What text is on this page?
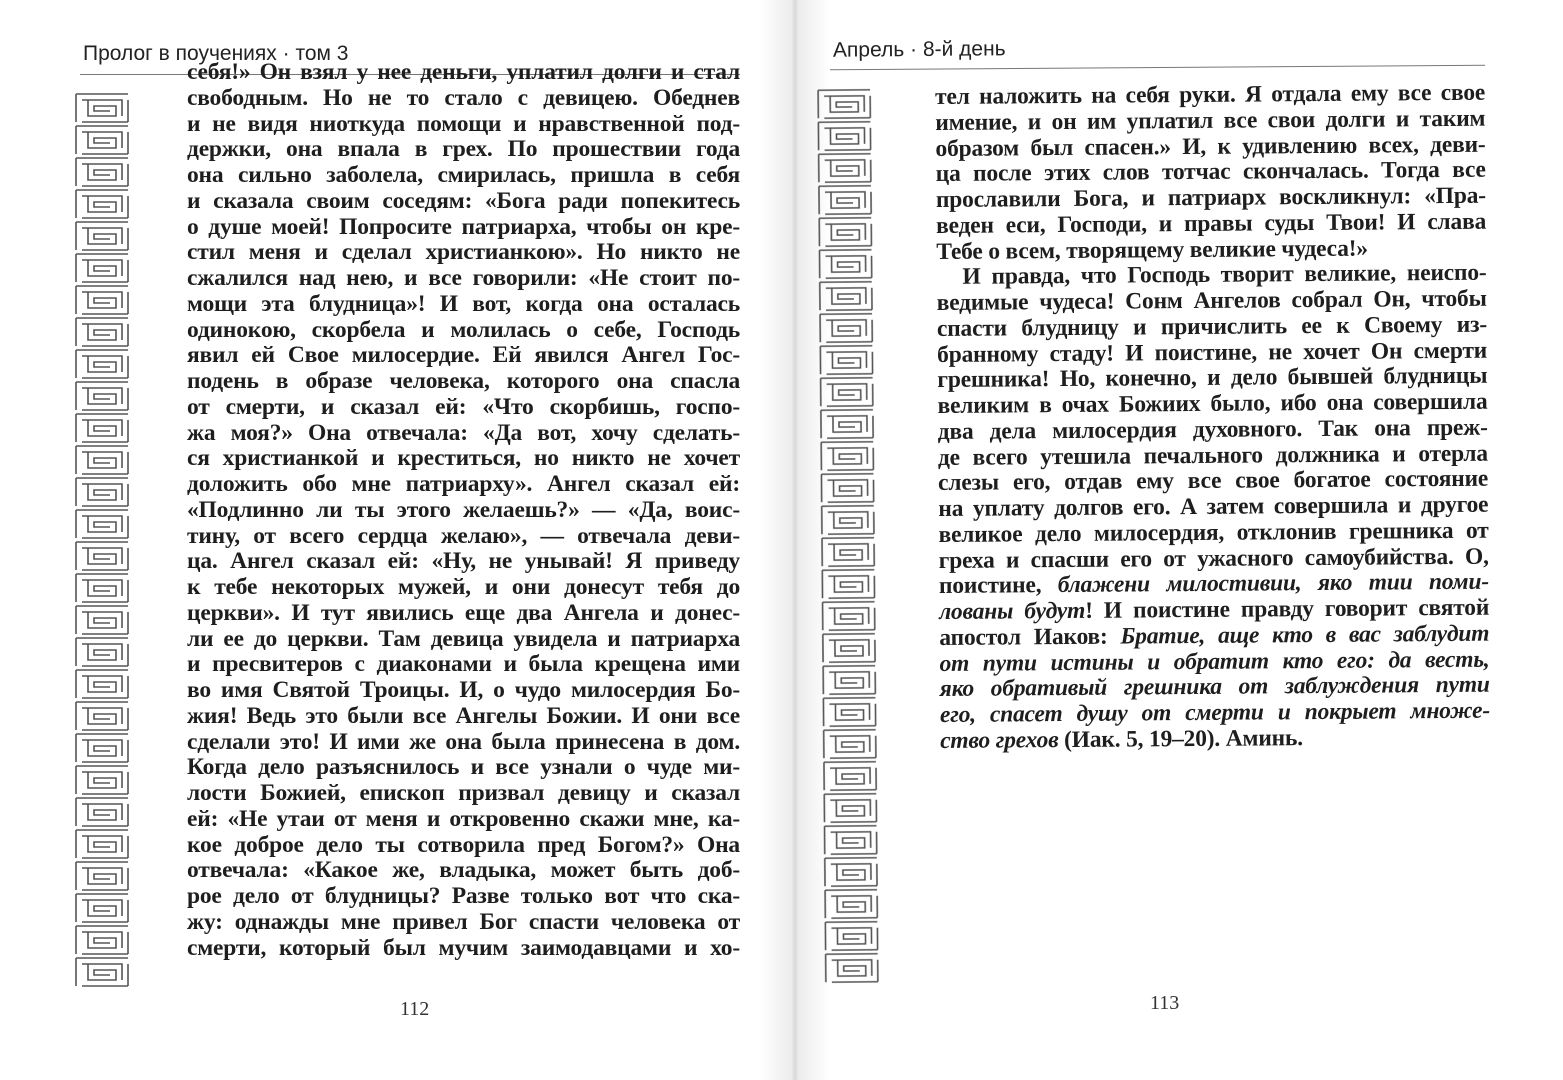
Пролог в поучениях · том 3	Апрель · 8-й день
себя!» Он взял у нее деньги, уплатил долги и стал
свободным. Но не то стало с девицею. Обеднев
и не видя ниоткуда помощи и нравственной под-
держки, она впала в грех. По прошествии года
она сильно заболела, смирилась, пришла в себя
и сказала своим соседям: «Бога ради попекитесь
о душе моей! Попросите патриарха, чтобы он кре-
стил меня и сделал христианкою». Но никто не
сжалился над нею, и все говорили: «Не стоит по-
мощи эта блудница»! И вот, когда она осталась
одинокою, скорбела и молилась о себе, Господь
явил ей Свое милосердие. Ей явился Ангел Гос-
подень в образе человека, которого она спасла
от смерти, и сказал ей: «Что скорбишь, госпо-
жа моя?» Она отвечала: «Да вот, хочу сделать-
ся христианкой и креститься, но никто не хочет
доложить обо мне патриарху». Ангел сказал ей:
«Подлинно ли ты этого желаешь?» — «Да, воис-
тину, от всего сердца желаю», — отвечала деви-
ца. Ангел сказал ей: «Ну, не унывай! Я приведу
к тебе некоторых мужей, и они донесут тебя до
церкви». И тут явились еще два Ангела и донес-
ли ее до церкви. Там девица увидела и патриарха
и пресвитеров с диаконами и была крещена ими
во имя Святой Троицы. И, о чудо милосердия Бо-
жия! Ведь это были все Ангелы Божии. И они все
сделали это! И ими же она была принесена в дом.
Когда дело разъяснилось и все узнали о чуде ми-
лости Божией, епископ призвал девицу и сказал
ей: «Не утаи от меня и откровенно скажи мне, ка-
кое доброе дело ты сотворила пред Богом?» Она
отвечала: «Какое же, владыка, может быть доб-
рое дело от блудницы? Разве только вот что ска-
жу: однажды мне привел Бог спасти человека от
смерти, который был мучим заимодавцами и хо-
тел наложить на себя руки. Я отдала ему все свое
имение, и он им уплатил все свои долги и таким
образом был спасен.» И, к удивлению всех, деви-
ца после этих слов тотчас скончалась. Тогда все
прославили Бога, и патриарх воскликнул: «Пра-
веден еси, Господи, и правы суды Твои! И слава
Тебе о всем, творящему великие чудеса!»
И правда, что Господь творит великие, неиспо-
ведимые чудеса! Сонм Ангелов собрал Он, чтобы
спасти блудницу и причислить ее к Своему из-
бранному стаду! И поистине, не хочет Он смерти
грешника! Но, конечно, и дело бывшей блудницы
великим в очах Божиих было, ибо она совершила
два дела милосердия духовного. Так она преж-
де всего утешила печального должника и отерла
слезы его, отдав ему все свое богатое состояние
на уплату долгов его. А затем совершила и другое
великое дело милосердия, отклонив грешника от
греха и спасши его от ужасного самоубийства. О,
поистине, блажени милостивии, яко тии поми-
лованы будут! И поистине правду говорит святой
апостол Иаков: Братие, аще кто в вас заблудит
от пути истины и обратит кто его: да весть,
яко обративый грешника от заблуждения пути
его, спасет душу от смерти и покрыет множе-
ство грехов (Иак. 5, 19–20). Аминь.
112	113
